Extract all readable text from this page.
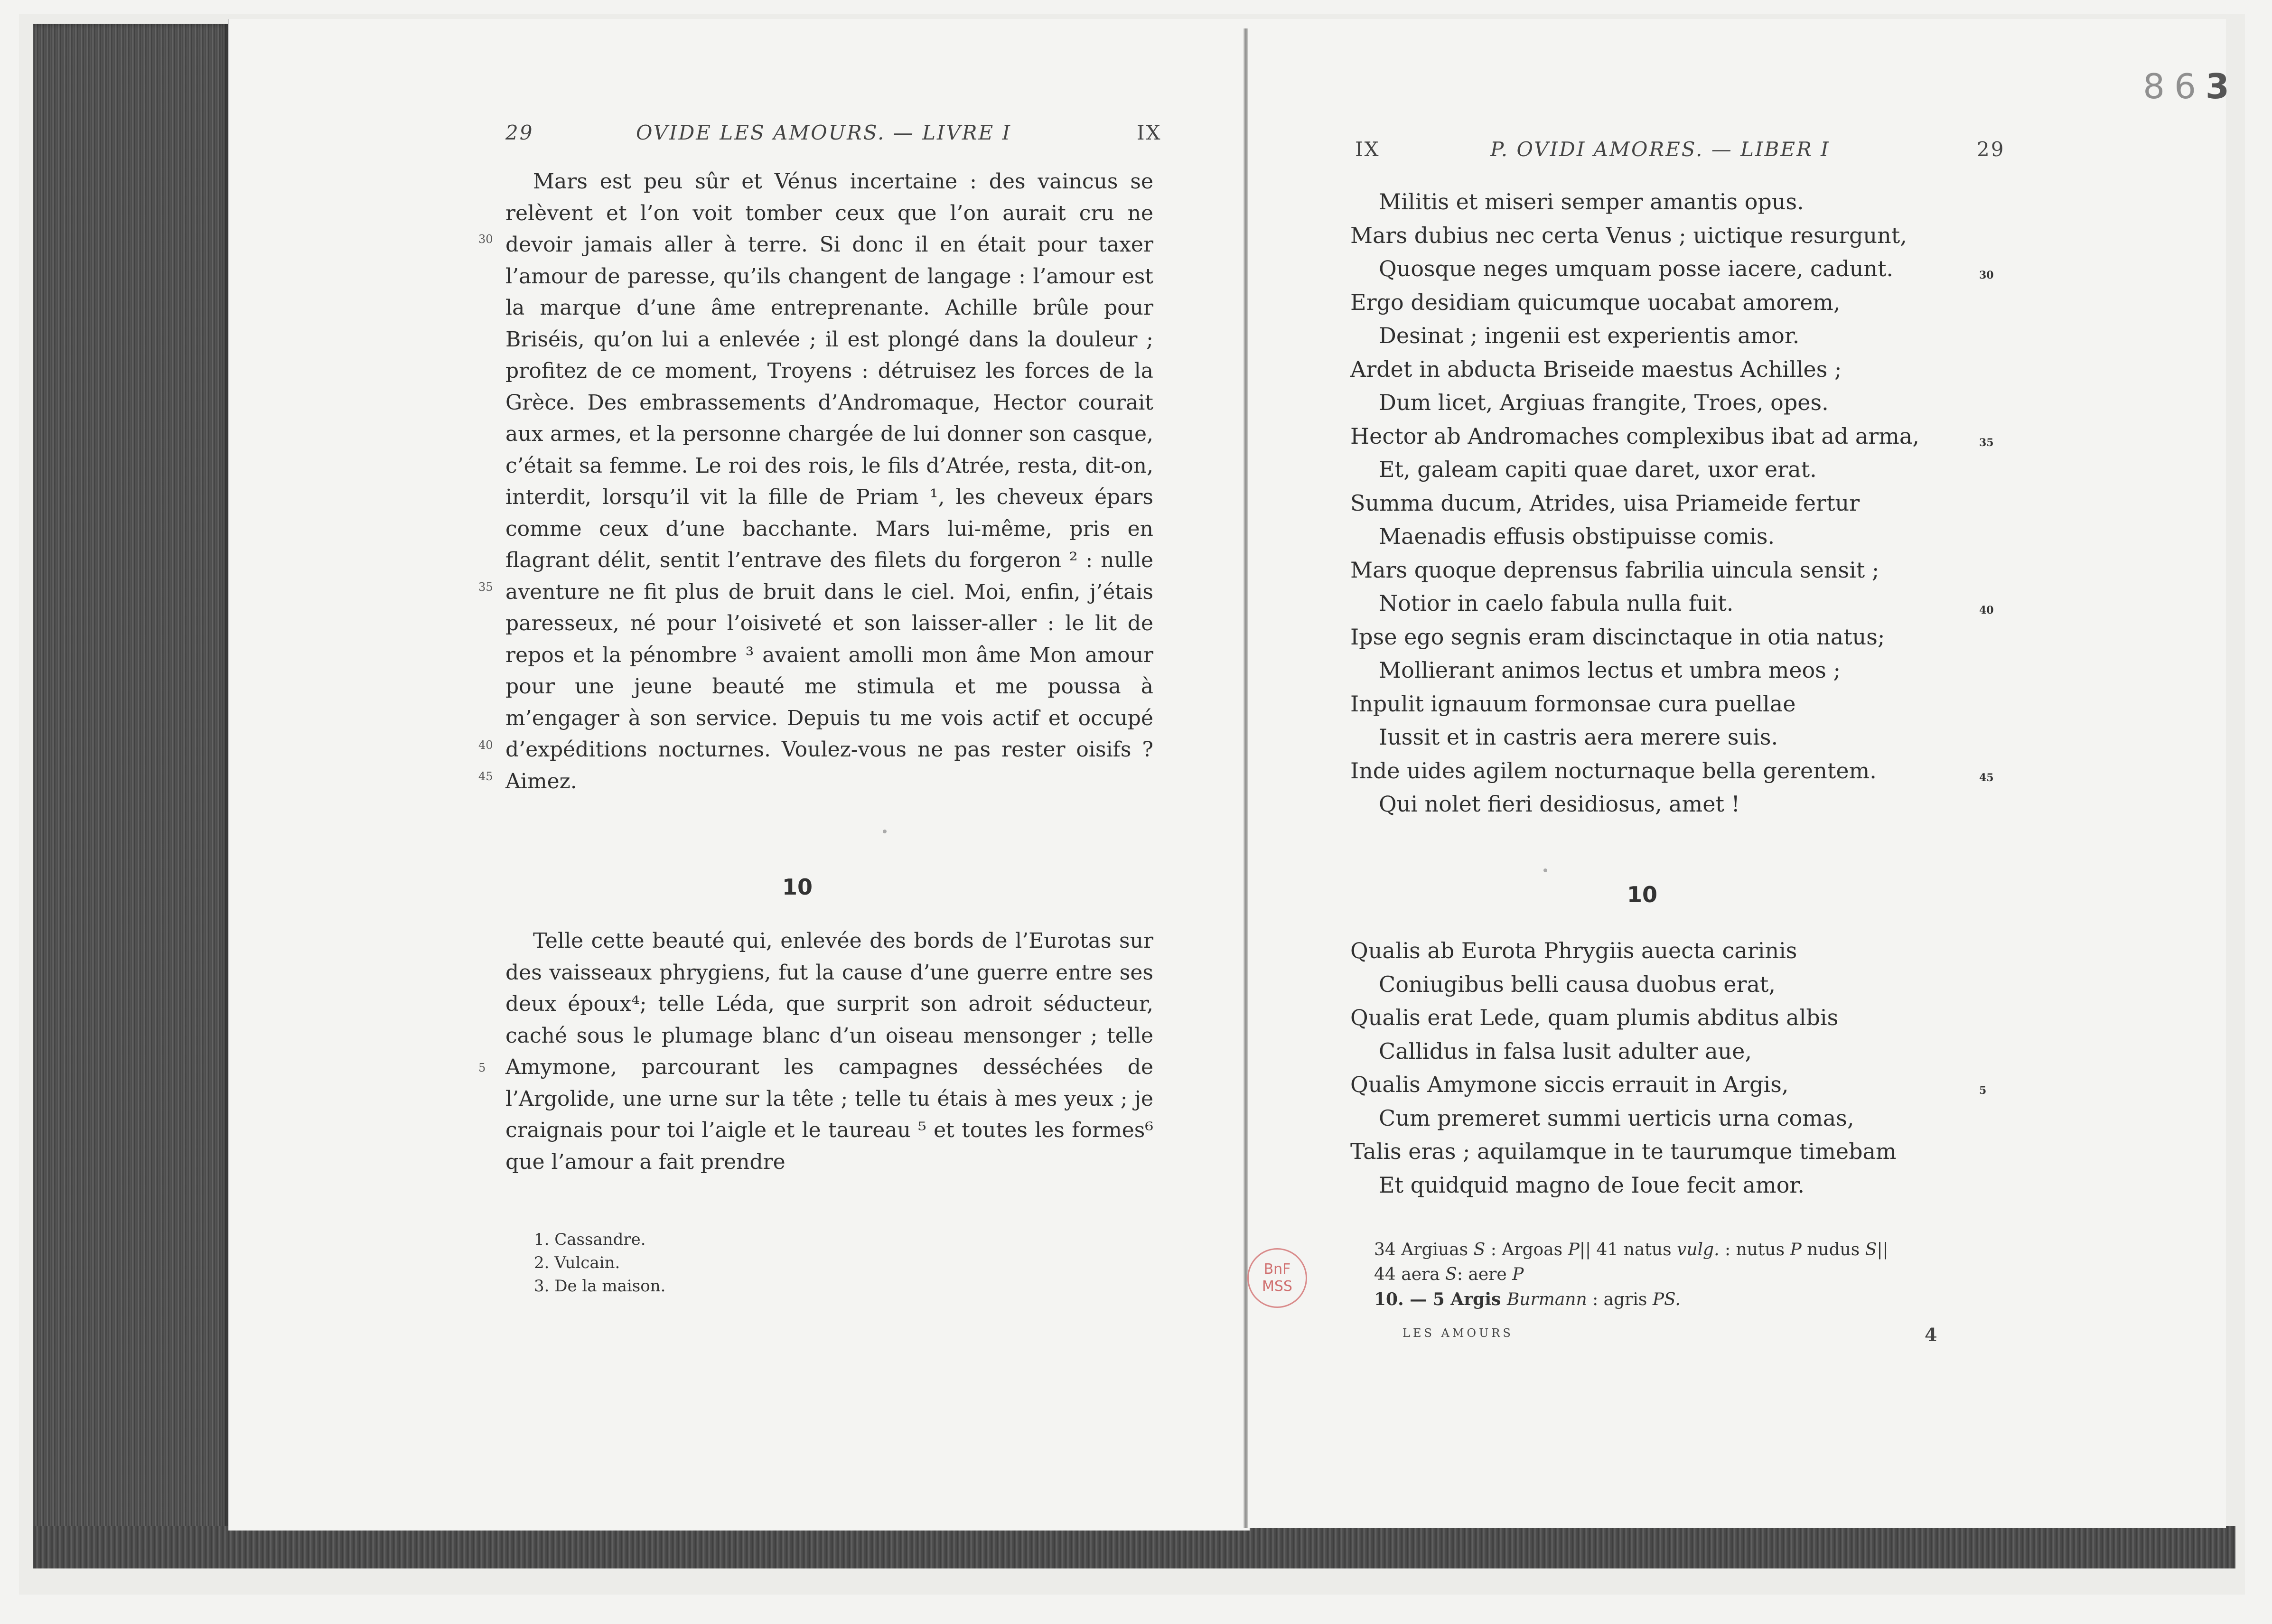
863
29	OVIDE LES AMOURS. — LIVRE I	IX

Mars est peu sûr et Vénus incertaine : des vaincus se relèvent et l’on voit tomber ceux que l’on aurait cru ne devoir jamais aller à terre. Si donc il en était pour taxer l’amour de paresse, qu’ils changent de langage : l’amour est la marque d’une âme entreprenante. Achille brûle pour Briséis, qu’on lui a enlevée ; il est plongé dans la douleur ; profitez de ce moment, Troyens : détruisez les forces de la Grèce. Des embrassements d’Andromaque, Hector courait aux armes, et la personne chargée de lui donner son casque, c’était sa femme. Le roi des rois, le fils d’Atrée, resta, dit-on, interdit, lorsqu’il vit la fille de Priam ¹, les cheveux épars comme ceux d’une bacchante. Mars lui-même, pris en flagrant délit, sentit l’entrave des filets du forgeron ² : nulle aventure ne fit plus de bruit dans le ciel. Moi, enfin, j’étais paresseux, né pour l’oisiveté et son laisser-aller : le lit de repos et la pénombre ³ avaient amolli mon âme Mon amour pour une jeune beauté me stimula et me poussa à m’engager à son service. Depuis tu me vois actif et occupé d’expéditions nocturnes. Voulez-vous ne pas rester oisifs ? Aimez.

30
35
40
45
10

Telle cette beauté qui, enlevée des bords de l’Eurotas sur des vaisseaux phrygiens, fut la cause d’une guerre entre ses deux époux⁴; telle Léda, que surprit son adroit séducteur, caché sous le plumage blanc d’un oiseau mensonger ; telle Amymone, parcourant les campagnes desséchées de l’Argolide, une urne sur la tête ; telle tu étais à mes yeux ; je craignais pour toi l’aigle et le taureau ⁵ et toutes les formes⁶ que l’amour a fait prendre

5
1. Cassandre.
2. Vulcain.
3. De la maison.
IX	P. OVIDI AMORES. — LIBER I	29
Militis et miseri semper amantis opus.
Mars dubius nec certa Venus ; uictique resurgunt,
Quosque neges umquam posse iacere, cadunt.
Ergo desidiam quicumque uocabat amorem,
Desinat ; ingenii est experientis amor.
Ardet in abducta Briseide maestus Achilles ;
Dum licet, Argiuas frangite, Troes, opes.
Hector ab Andromaches complexibus ibat ad arma,
Et, galeam capiti quae daret, uxor erat.
Summa ducum, Atrides, uisa Priameide fertur
Maenadis effusis obstipuisse comis.
Mars quoque deprensus fabrilia uincula sensit ;
Notior in caelo fabula nulla fuit.
Ipse ego segnis eram discinctaque in otia natus;
Mollierant animos lectus et umbra meos ;
Inpulit ignauum formonsae cura puellae
Iussit et in castris aera merere suis.
Inde uides agilem nocturnaque bella gerentem.
Qui nolet fieri desidiosus, amet !
30
35
40
45
10
Qualis ab Eurota Phrygiis auecta carinis
Coniugibus belli causa duobus erat,
Qualis erat Lede, quam plumis abditus albis
Callidus in falsa lusit adulter aue,
Qualis Amymone siccis errauit in Argis,
Cum premeret summi uerticis urna comas,
Talis eras ; aquilamque in te taurumque timebam
Et quidquid magno de Ioue fecit amor.
5
34 Argiuas S : Argoas P|| 41 natus vulg. : nutus P nudus S||
44 aera S: aere P
10. — 5 Argis Burmann : agris PS.
LES AMOURS	4
BnF
MSS
